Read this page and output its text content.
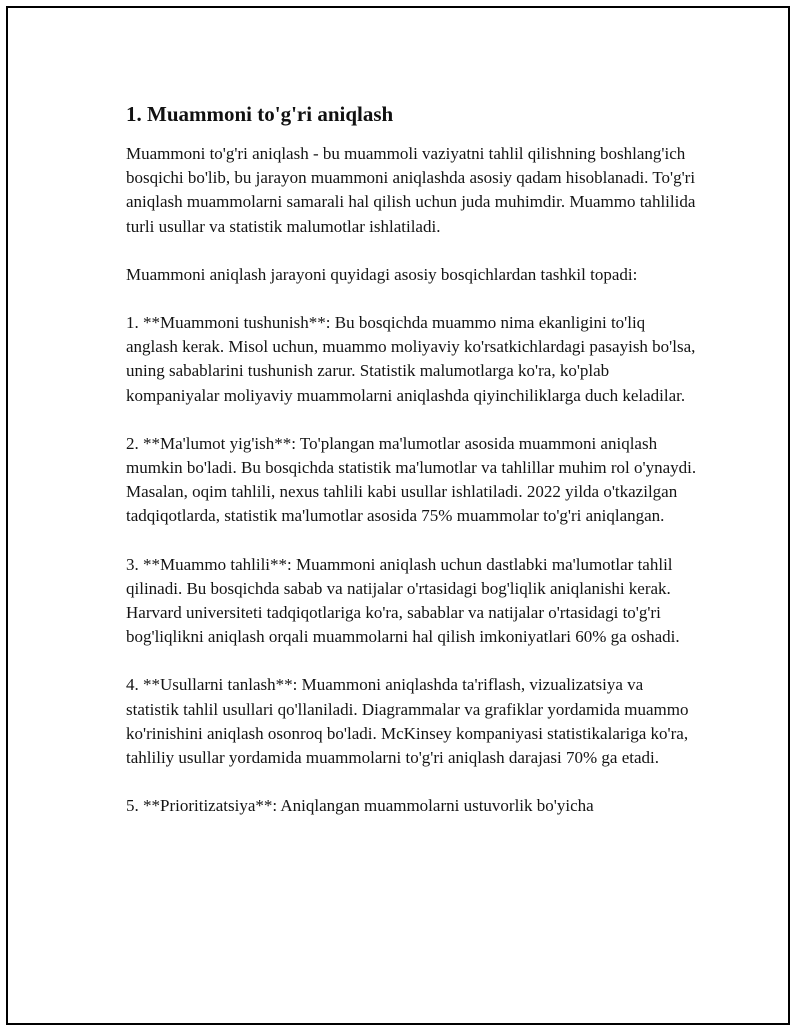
1. Muammoni to'g'ri aniqlash

Muammoni to'g'ri aniqlash - bu muammoli vaziyatni tahlil qilishning boshlang'ich bosqichi bo'lib, bu jarayon muammoni aniqlashda asosiy qadam hisoblanadi. To'g'ri aniqlash muammolarni samarali hal qilish uchun juda muhimdir. Muammo tahlilida turli usullar va statistik malumotlar ishlatiladi.

Muammoni aniqlash jarayoni quyidagi asosiy bosqichlardan tashkil topadi:

1. **Muammoni tushunish**: Bu bosqichda muammo nima ekanligini to'liq anglash kerak. Misol uchun, muammo moliyaviy ko'rsatkichlardagi pasayish bo'lsa, uning sabablarini tushunish zarur. Statistik malumotlarga ko'ra, ko'plab kompaniyalar moliyaviy muammolarni aniqlashda qiyinchiliklarga duch keladilar.

2. **Ma'lumot yig'ish**: To'plangan ma'lumotlar asosida muammoni aniqlash mumkin bo'ladi. Bu bosqichda statistik ma'lumotlar va tahlillar muhim rol o'ynaydi. Masalan, oqim tahlili, nexus tahlili kabi usullar ishlatiladi. 2022 yilda o'tkazilgan tadqiqotlarda, statistik ma'lumotlar asosida 75% muammolar to'g'ri aniqlangan.

3. **Muammo tahlili**: Muammoni aniqlash uchun dastlabki ma'lumotlar tahlil qilinadi. Bu bosqichda sabab va natijalar o'rtasidagi bog'liqlik aniqlanishi kerak. Harvard universiteti tadqiqotlariga ko'ra, sabablar va natijalar o'rtasidagi to'g'ri bog'liqlikni aniqlash orqali muammolarni hal qilish imkoniyatlari 60% ga oshadi.

4. **Usullarni tanlash**: Muammoni aniqlashda ta'riflash, vizualizatsiya va statistik tahlil usullari qo'llaniladi. Diagrammalar va grafiklar yordamida muammo ko'rinishini aniqlash osonroq bo'ladi. McKinsey kompaniyasi statistikalariga ko'ra, tahliliy usullar yordamida muammolarni to'g'ri aniqlash darajasi 70% ga etadi.

5. **Prioritizatsiya**: Aniqlangan muammolarni ustuvorlik bo'yicha
